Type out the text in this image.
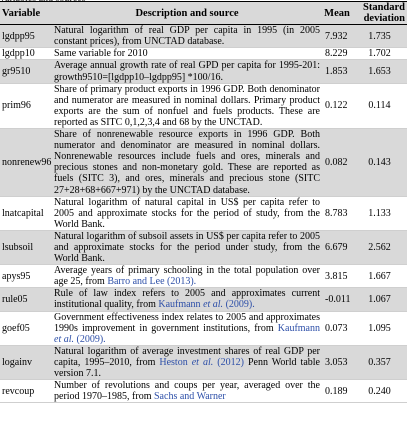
Variable	Description and source	Mean	Standard deviation
lgdpp95	Natural logarithm of real GDP per capita in 1995 (in 2005 constant prices), from UNCTAD database.	7.932	1.735
lgdpp10	Same variable for 2010	8.229	1.702
gr9510	Average annual growth rate of real GPD per capita for 1995-201: growth9510=[lgdpp10–lgdpp95] *100/16.	1.853	1.653
prim96	Share of primary product exports in 1996 GDP. Both denominator and numerator are measured in nominal dollars. Primary product exports are the sum of nonfuel and fuels products. These are reported as SITC 0,1,2,3,4 and 68 by the UNCTAD.	0.122	0.114
nonrenew96	Share of nonrenewable resource exports in 1996 GDP. Both numerator and denominator are measured in nominal dollars. Nonrenewable resources include fuels and ores, minerals and precious stones and non-monetary gold. These are reported as fuels (SITC 3), and ores, minerals and precious stone (SITC 27+28+68+667+971) by the UNCTAD database.	0.082	0.143
lnatcapital	Natural logarithm of natural capital in US$ per capita refer to 2005 and approximate stocks for the period of study, from the World Bank.	8.783	1.133
lsubsoil	Natural logarithm of subsoil assets in US$ per capita refer to 2005 and approximate stocks for the period under study, from the World Bank.	6.679	2.562
apys95	Average years of primary schooling in the total population over age 25, from Barro and Lee (2013).	3.815	1.667
rule05	Rule of law index refers to 2005 and approximates current institutional quality, from Kaufmann et al. (2009).	-0.011	1.067
goef05	Government effectiveness index relates to 2005 and approximates 1990s improvement in government institutions, from Kaufmann et al. (2009).	0.073	1.095
logainv	Natural logarithm of average investment shares of real GDP per capita, 1995–2010, from Heston et al. (2012) Penn World table version 7.1.	3.053	0.357
revcoup	Number of revolutions and coups per year, averaged over the period 1970–1985, from Sachs and Warner	0.189	0.240
